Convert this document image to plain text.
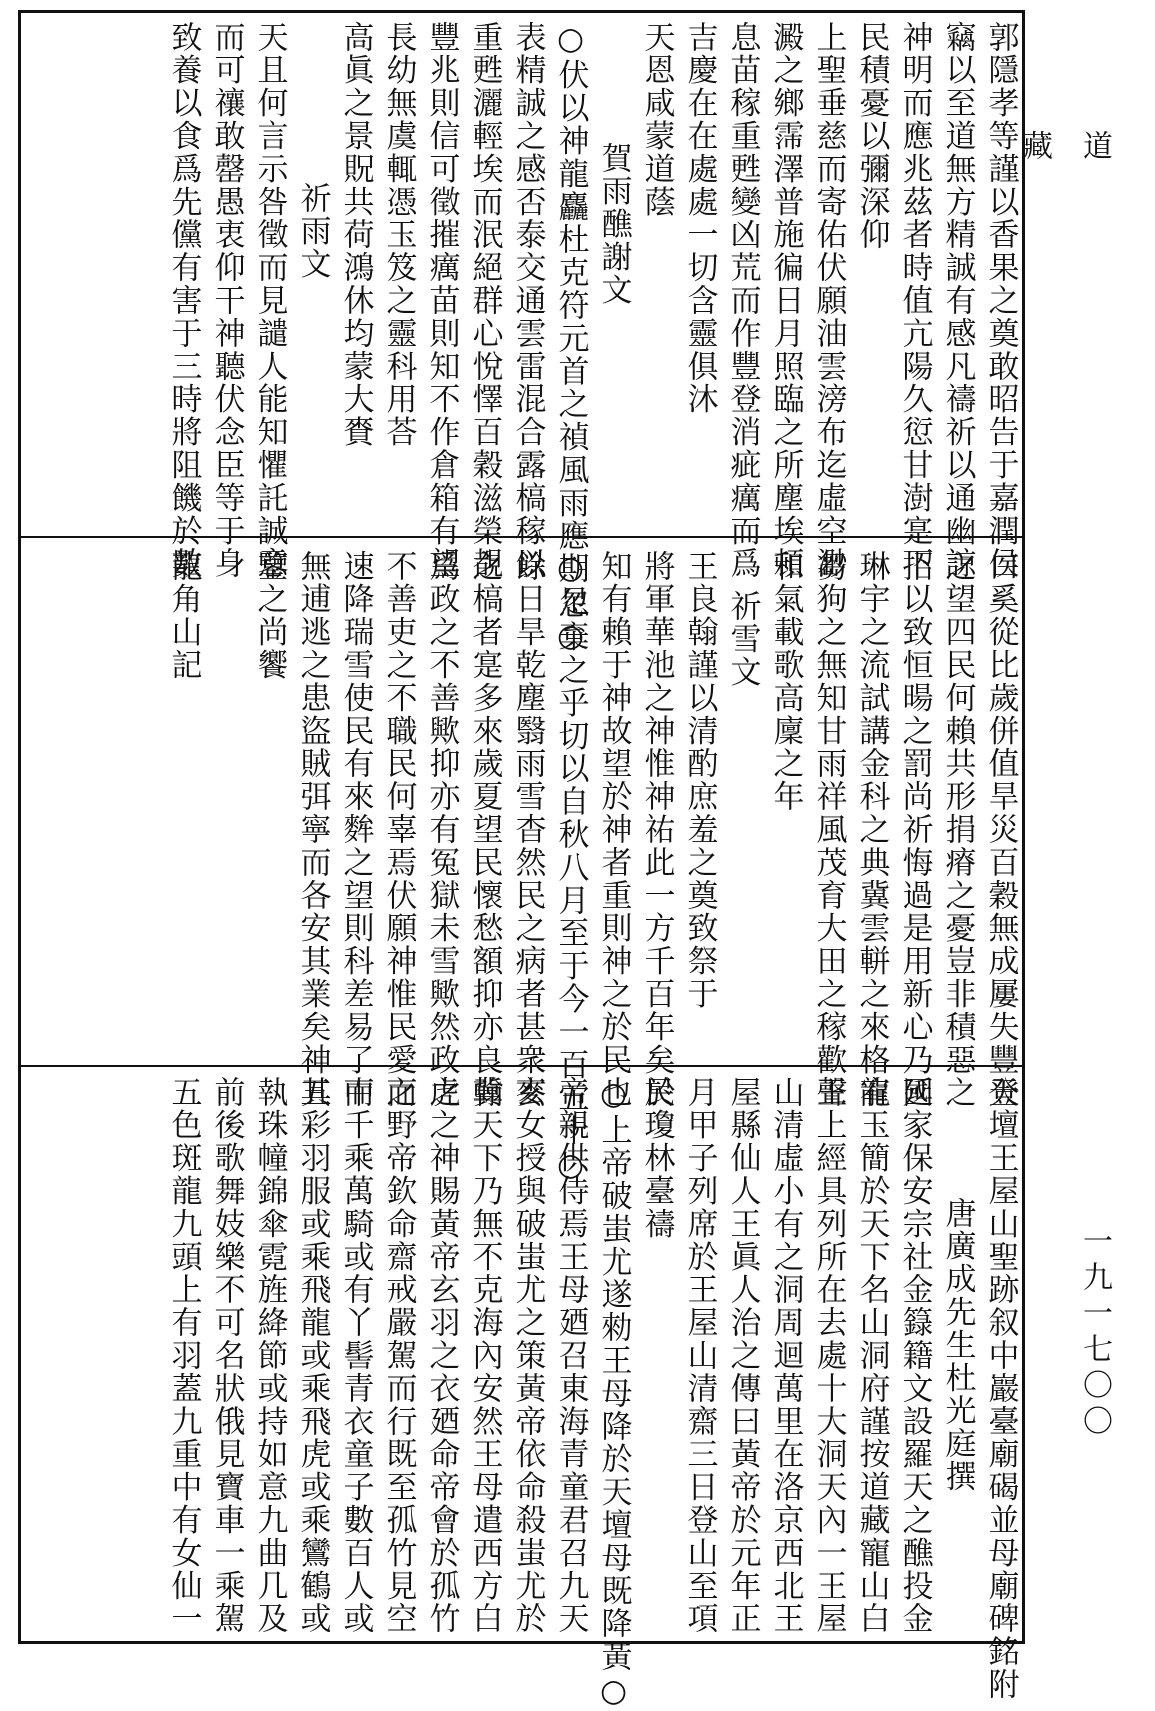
郭隱孝等謹以香果之奠敢昭告于嘉潤侯
竊以至道無方精誠有感凡禱祈以通幽諒
神明而應兆茲者時值亢陽久愆甘澍寔下
民積憂以彌深仰
上聖垂慈而寄佑伏願油雲滂布迄虛空渺
澱之鄉霈澤普施徧日月照臨之所塵埃頓
息苗稼重甦變凶荒而作豐登消疵癘而爲
吉慶在在處處一切含靈俱沐
天恩咸蒙道蔭
賀雨醮謝文
○伏以神龍麤杜克符元首之禎風雨應期足○
表精誠之感否泰交通雲雷混合露槁稼以
重甦灑輕埃而泯絕群心悅懌百穀滋榮覩
豐兆則信可徵摧癘苗則知不作倉箱有望
長幼無虞輒憑玉笈之靈科用荅
高眞之景貺共荷鴻休均蒙大賚
祈雨文
天且何言示咎徵而見譴人能知懼託誠意
而可禳敢罄愚衷仰干神聽伏念臣等于身
致養以食爲先儻有害于三時將阻饑於數
口奚從比歲併值旱災百穀無成屢失豐登
之望四民何賴共形捐瘠之憂豈非積惡之
招以致恒暘之罰尚祈悔過是用新心乃延
琳宇之流試講金科之典冀雲軿之來格宥
芻狗之無知甘雨祥風茂育大田之稼歡聲
和氣載歌高廩之年
祈雪文
王良翰謹以清酌庶羞之奠致祭于
將軍華池之神惟神祐此一方千百年矣民
知有賴于神故望於神者重則神之於民也
○忽棄之乎切以自秋八月至于今一百五十○
餘日旱乾塵翳雨雪杳然民之病者甚衆麥
之槁者寔多來歲夏望民懷愁額抑亦良翰
爲政之不善歟抑亦有冤獄未雪歟然政之
不善吏之不職民何辜焉伏願神惟民愛而
速降瑞雪使民有來麰之望則科差易了而
無逋逃之患盜賊弭寧而各安其業矣神其
鑒之尚饗
龍角山記
天壇王屋山聖跡叙中巖臺廟碣並母廟碑銘附
唐廣成先生杜光庭撰
國家保安宗社金籙籍文設羅天之醮投金
龍玉簡於天下名山洞府謹按道藏寵山白
王上經具列所在去處十大洞天內一王屋
山清虛小有之洞周迴萬里在洛京西北王
屋縣仙人王眞人治之傳曰黃帝於元年正
月甲子列席於王屋山清齋三日登山至項
於瓊林臺禱
○上帝破蚩尤遂勑王母降於天壇母既降黃○
帝親供侍焉王母廼召東海青童君召九天
玄女授與破蚩尤之策黃帝依命殺蚩尤於
冀天下乃無不克海內安然王母遣西方白
虎之神賜黃帝玄羽之衣廼命帝會於孤竹
之野帝欽命齋戒嚴駕而行既至孤竹見空
中千乘萬騎或有丫髻青衣童子數百人或
五彩羽服或乘飛龍或乘飛虎或乘鸞鶴或
執珠幢錦傘霓旌絳節或持如意九曲几及
前後歌舞妓樂不可名狀俄見寶車一乘駕
五色斑龍九頭上有羽蓋九重中有女仙一
道藏
一九一七〇〇
